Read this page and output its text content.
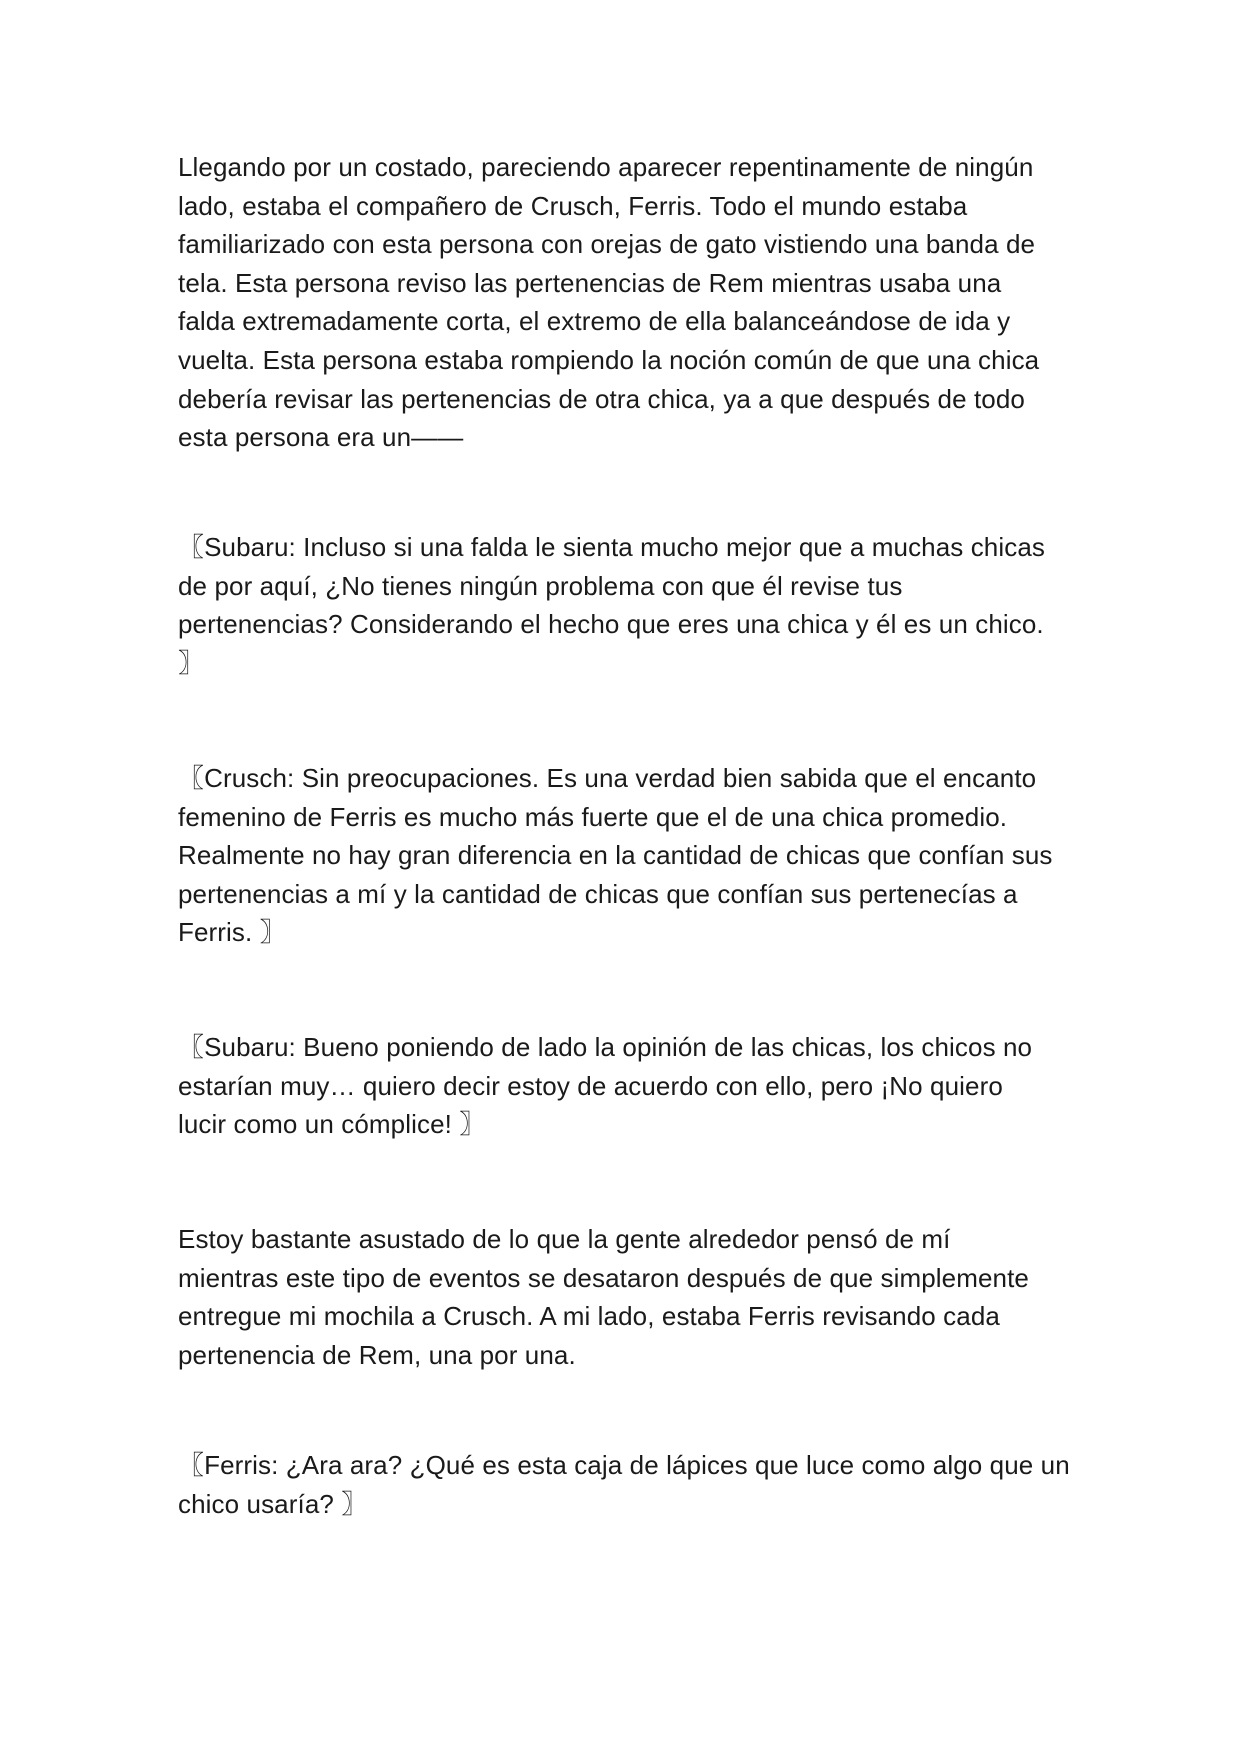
Llegando por un costado, pareciendo aparecer repentinamente de ningún
lado, estaba el compañero de Crusch, Ferris. Todo el mundo estaba
familiarizado con esta persona con orejas de gato vistiendo una banda de
tela. Esta persona reviso las pertenencias de Rem mientras usaba una
falda extremadamente corta, el extremo de ella balanceándose de ida y
vuelta. Esta persona estaba rompiendo la noción común de que una chica
debería revisar las pertenencias de otra chica, ya a que después de todo
esta persona era un——

〖Subaru: Incluso si una falda le sienta mucho mejor que a muchas chicas
de por aquí, ¿No tienes ningún problema con que él revise tus
pertenencias? Considerando el hecho que eres una chica y él es un chico.
〗

〖Crusch: Sin preocupaciones. Es una verdad bien sabida que el encanto
femenino de Ferris es mucho más fuerte que el de una chica promedio.
Realmente no hay gran diferencia en la cantidad de chicas que confían sus
pertenencias a mí y la cantidad de chicas que confían sus pertenecías a
Ferris. 〗

〖Subaru: Bueno poniendo de lado la opinión de las chicas, los chicos no
estarían muy… quiero decir estoy de acuerdo con ello, pero ¡No quiero
lucir como un cómplice! 〗

Estoy bastante asustado de lo que la gente alrededor pensó de mí
mientras este tipo de eventos se desataron después de que simplemente
entregue mi mochila a Crusch. A mi lado, estaba Ferris revisando cada
pertenencia de Rem, una por una.

〖Ferris: ¿Ara ara? ¿Qué es esta caja de lápices que luce como algo que un
chico usaría? 〗
